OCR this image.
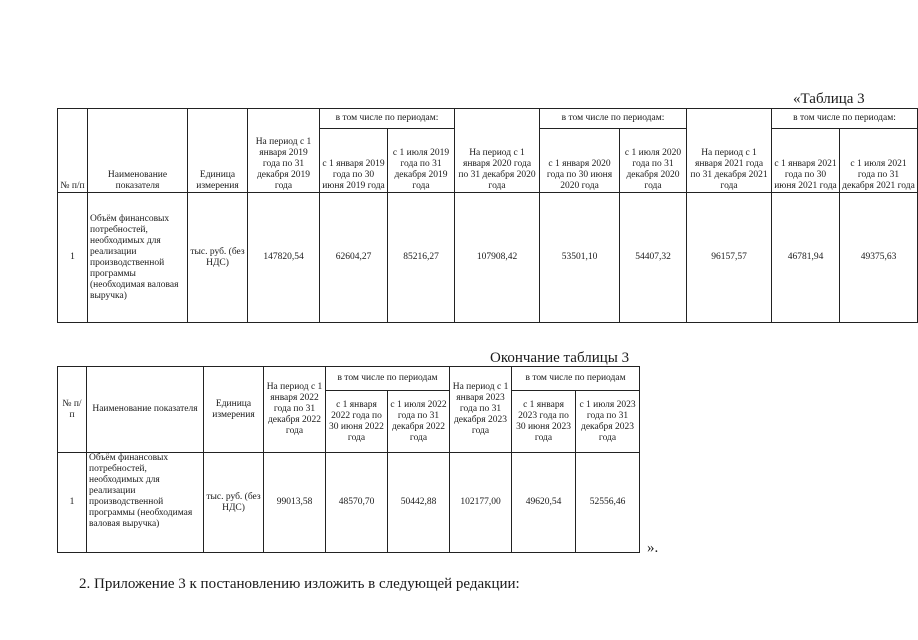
«Таблица 3
№ п/п	Наименование показателя	Единица измерения	На период с 1 января 2019 года по 31 декабря 2019 года	в том числе по периодам:		На период с 1 января 2020 года по 31 декабря 2020 года	в том числе по периодам:		На период с 1 января 2021 года по 31 декабря 2021 года	в том числе по периодам:	
				с 1 января 2019 года по 30 июня 2019 года	с 1 июля 2019 года по 31 декабря 2019 года		с 1 января 2020 года по 30 июня 2020 года	с 1 июля 2020 года по 31 декабря 2020 года		с 1 января 2021 года по 30 июня 2021 года	с 1 июля 2021 года по 31 декабря 2021 года
1	Объём финансовых потребностей, необходимых для реализации производственной программы (необходимая валовая выручка)	тыс. руб. (без НДС)	147820,54	62604,27	85216,27	107908,42	53501,10	54407,32	96157,57	46781,94	49375,63
Окончание таблицы 3
№ п/п	Наименование показателя	Единица измерения	На период с 1 января 2022 года по 31 декабря 2022 года	в том числе по периодам		На период с 1 января 2023 года по 31 декабря 2023 года	в том числе по периодам	
				с 1 января 2022 года по 30 июня 2022 года	с 1 июля 2022 года по 31 декабря 2022 года		с 1 января 2023 года по 30 июня 2023 года	с 1 июля 2023 года по 31 декабря 2023 года
1	Объём финансовых потребностей, необходимых для реализации производственной программы (необходимая валовая выручка)	тыс. руб. (без НДС)	99013,58	48570,70	50442,88	102177,00	49620,54	52556,46
».
2. Приложение 3 к постановлению изложить в следующей редакции:
